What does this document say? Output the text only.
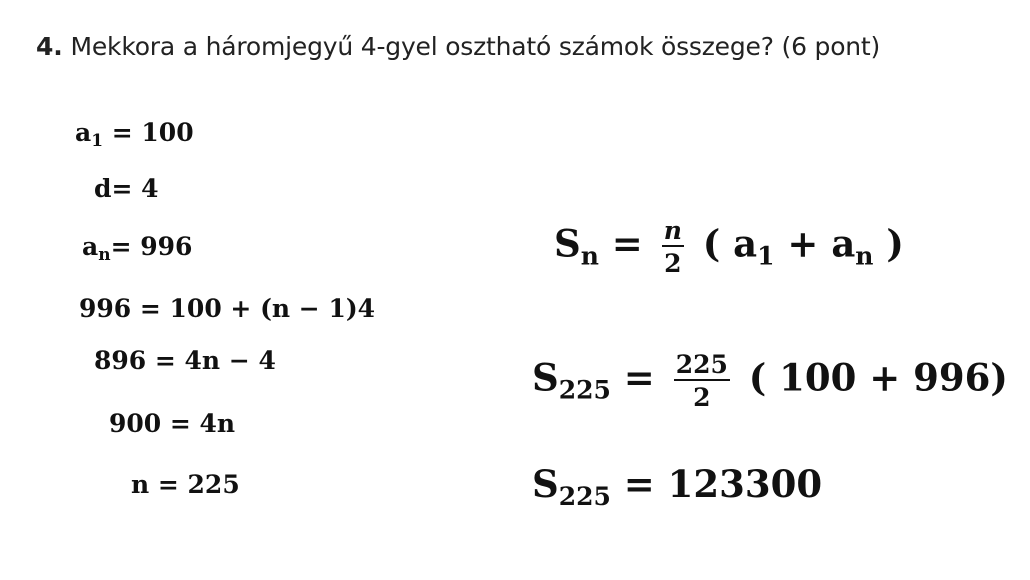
4. Mekkora a háromjegyű 4-gyel osztható számok összege? (6 pont)
$a_1 = 100$
d= 4
$a_n= 996$
996 = 100 + (n − 1)4
896 = 4n − 4
900 = 4n
n = 225
$S_n = \frac{n}{2}$ ( $a_1 + a_n$ )
$S_{225} = \frac{225}{2}$ ( 100 + 996)
$S_{225} = 123300$
